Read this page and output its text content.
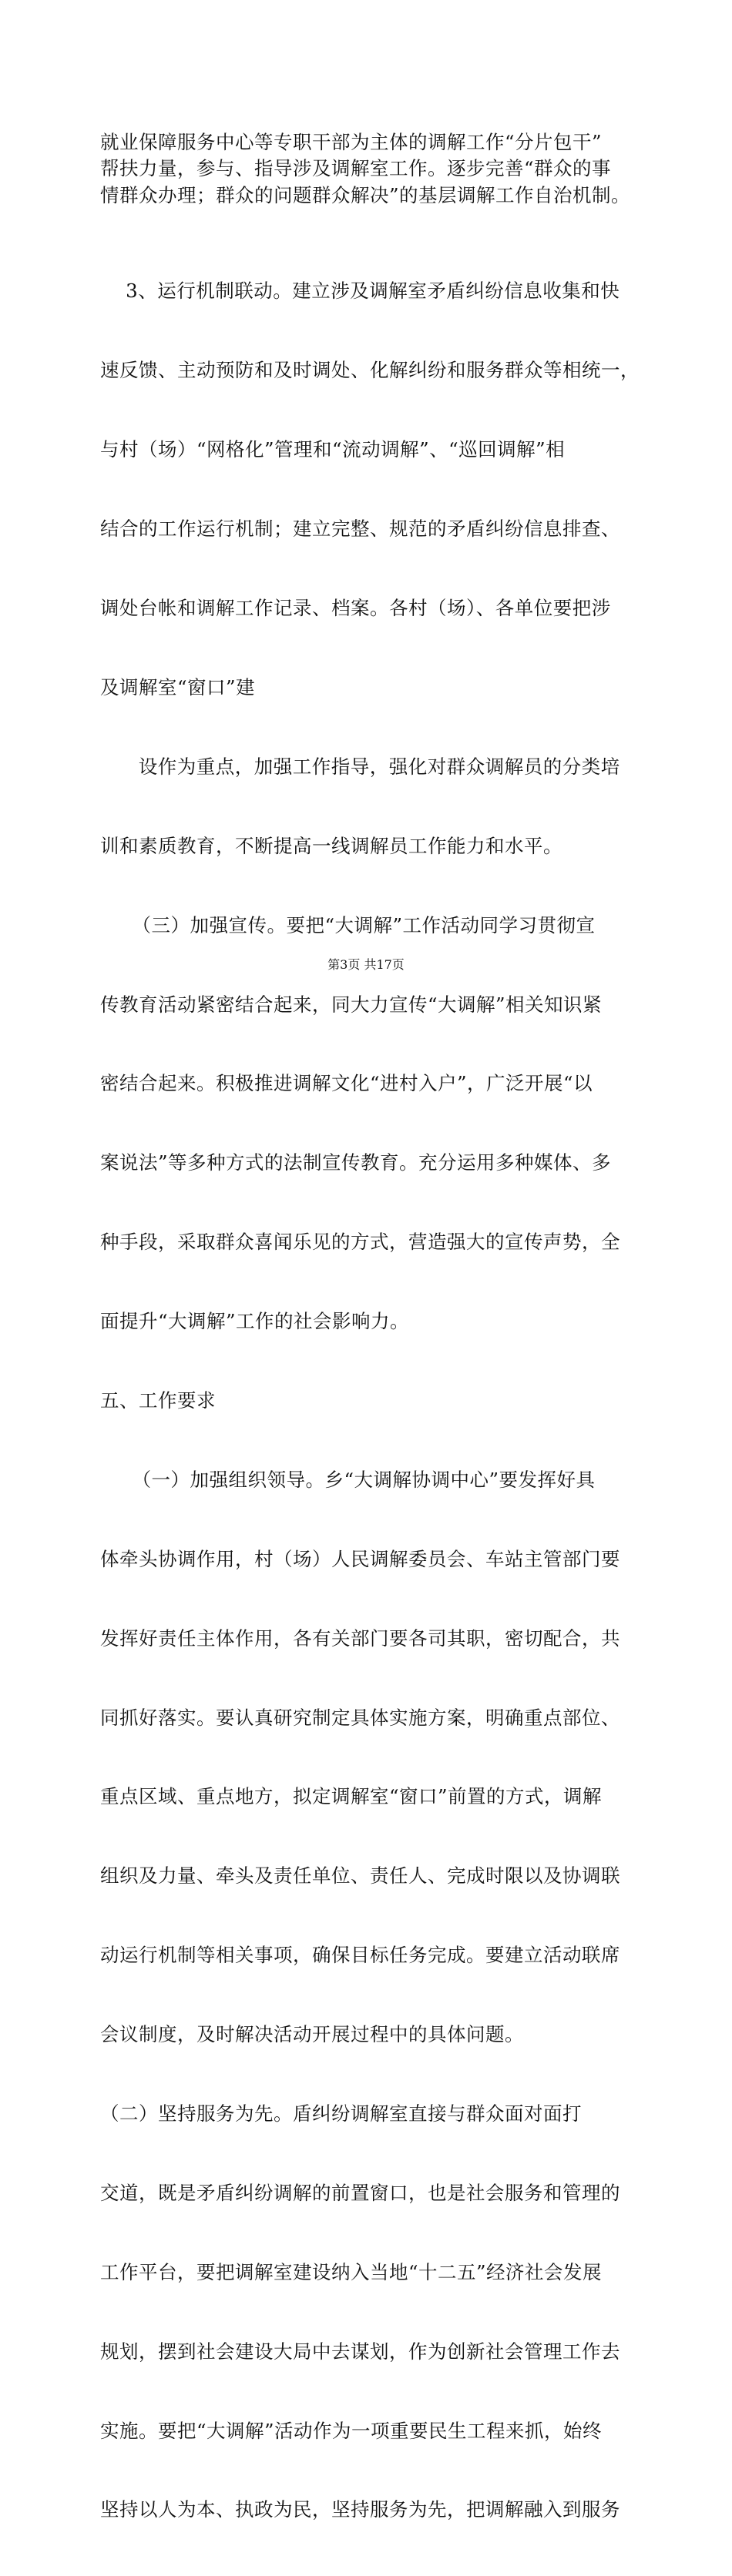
就业保障服务中心等专职干部为主体的调解工作“分片包干”
帮扶力量，参与、指导涉及调解室工作。逐步完善“群众的事
情群众办理；群众的问题群众解决”的基层调解工作自治机制。

3、运行机制联动。建立涉及调解室矛盾纠纷信息收集和快

速反馈、主动预防和及时调处、化解纠纷和服务群众等相统一，

与村（场）“网格化”管理和“流动调解”、“巡回调解”相

结合的工作运行机制；建立完整、规范的矛盾纠纷信息排查、

调处台帐和调解工作记录、档案。各村（场）、各单位要把涉

及调解室“窗口”建

设作为重点，加强工作指导，强化对群众调解员的分类培

训和素质教育，不断提高一线调解员工作能力和水平。

（三）加强宣传。要把“大调解”工作活动同学习贯彻宣

传教育活动紧密结合起来，同大力宣传“大调解”相关知识紧

密结合起来。积极推进调解文化“进村入户”，广泛开展“以

案说法”等多种方式的法制宣传教育。充分运用多种媒体、多

种手段，采取群众喜闻乐见的方式，营造强大的宣传声势，全

面提升“大调解”工作的社会影响力。

五、工作要求

（一）加强组织领导。乡“大调解协调中心”要发挥好具

体牵头协调作用，村（场）人民调解委员会、车站主管部门要

发挥好责任主体作用，各有关部门要各司其职，密切配合，共

同抓好落实。要认真研究制定具体实施方案，明确重点部位、

重点区域、重点地方，拟定调解室“窗口”前置的方式，调解

组织及力量、牵头及责任单位、责任人、完成时限以及协调联

动运行机制等相关事项，确保目标任务完成。要建立活动联席

会议制度，及时解决活动开展过程中的具体问题。

（二）坚持服务为先。盾纠纷调解室直接与群众面对面打

交道，既是矛盾纠纷调解的前置窗口，也是社会服务和管理的

工作平台，要把调解室建设纳入当地“十二五”经济社会发展

规划，摆到社会建设大局中去谋划，作为创新社会管理工作去

实施。要把“大调解”活动作为一项重要民生工程来抓，始终

坚持以人为本、执政为民，坚持服务为先，把调解融入到服务

第3页 共17页
